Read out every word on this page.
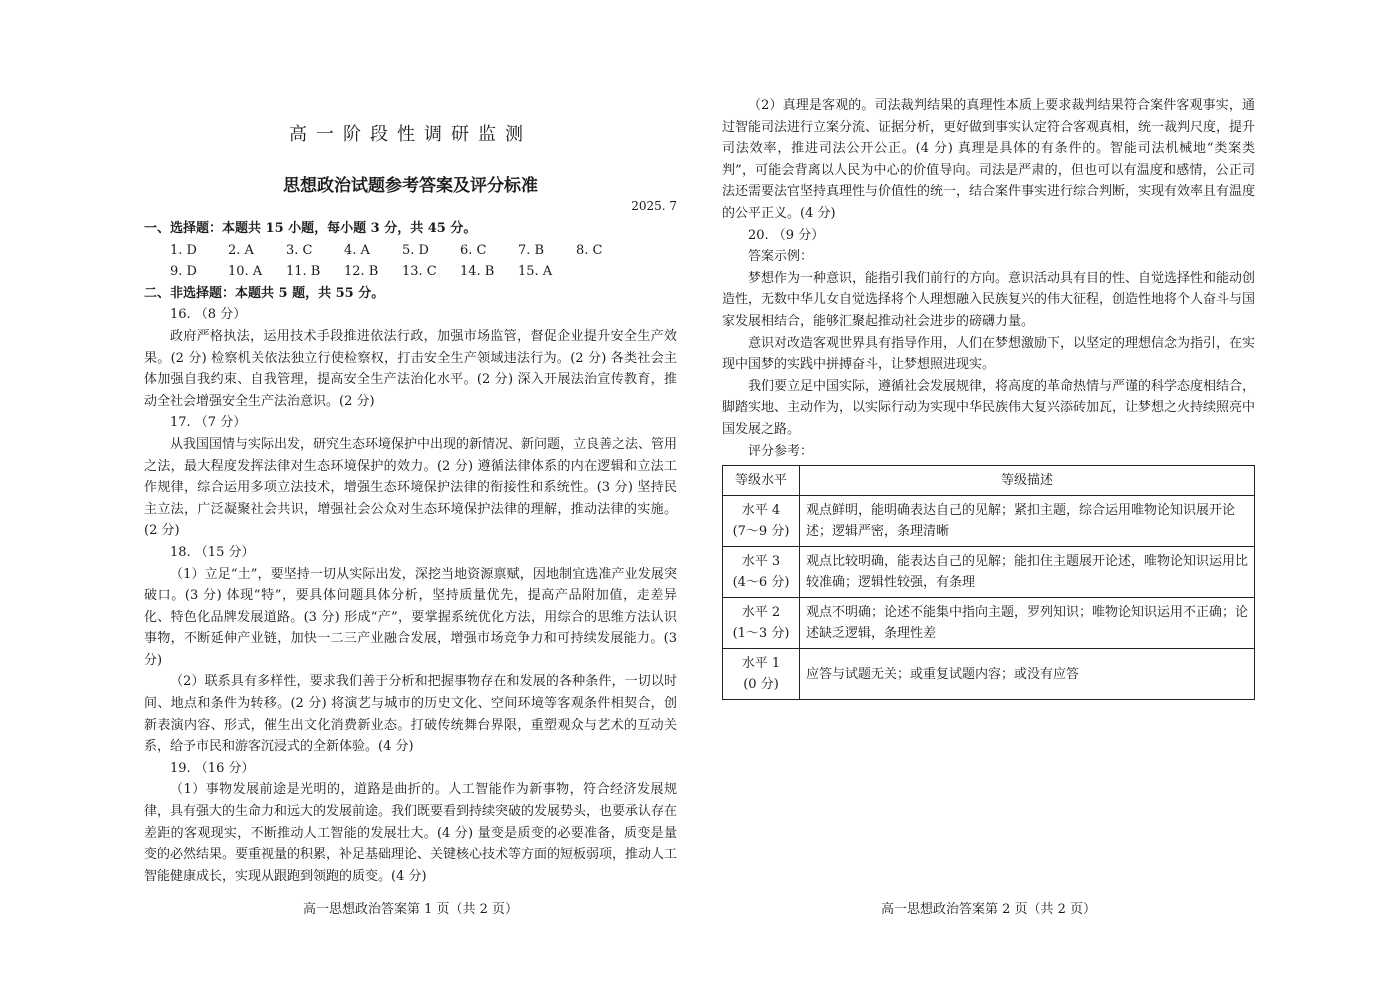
高一阶段性调研监测

思想政治试题参考答案及评分标准

2025. 7

一、选择题：本题共 15 小题，每小题 3 分，共 45 分。

1. D	2. A	3. C	4. A	5. D	6. C	7. B	8. C
9. D	10. A	11. B	12. B	13. C	14. B	15. A

二、非选择题：本题共 5 题，共 55 分。

16. （8 分）

政府严格执法，运用技术手段推进依法行政，加强市场监管，督促企业提升安全生产效果。(2 分) 检察机关依法独立行使检察权，打击安全生产领域违法行为。(2 分) 各类社会主体加强自我约束、自我管理，提高安全生产法治化水平。(2 分) 深入开展法治宣传教育，推动全社会增强安全生产法治意识。(2 分)

17. （7 分）

从我国国情与实际出发，研究生态环境保护中出现的新情况、新问题，立良善之法、管用之法，最大程度发挥法律对生态环境保护的效力。(2 分) 遵循法律体系的内在逻辑和立法工作规律，综合运用多项立法技术，增强生态环境保护法律的衔接性和系统性。(3 分) 坚持民主立法，广泛凝聚社会共识，增强社会公众对生态环境保护法律的理解，推动法律的实施。(2 分)

18. （15 分）

（1）立足“土”，要坚持一切从实际出发，深挖当地资源禀赋，因地制宜选准产业发展突破口。(3 分) 体现“特”，要具体问题具体分析，坚持质量优先，提高产品附加值，走差异化、特色化品牌发展道路。(3 分) 形成“产”，要掌握系统优化方法，用综合的思维方法认识事物，不断延伸产业链，加快一二三产业融合发展，增强市场竞争力和可持续发展能力。(3 分)

（2）联系具有多样性，要求我们善于分析和把握事物存在和发展的各种条件，一切以时间、地点和条件为转移。(2 分) 将演艺与城市的历史文化、空间环境等客观条件相契合，创新表演内容、形式，催生出文化消费新业态。打破传统舞台界限，重塑观众与艺术的互动关系，给予市民和游客沉浸式的全新体验。(4 分)

19. （16 分）

（1）事物发展前途是光明的，道路是曲折的。人工智能作为新事物，符合经济发展规律，具有强大的生命力和远大的发展前途。我们既要看到持续突破的发展势头，也要承认存在差距的客观现实，不断推动人工智能的发展壮大。(4 分) 量变是质变的必要准备，质变是量变的必然结果。要重视量的积累，补足基础理论、关键核心技术等方面的短板弱项，推动人工智能健康成长，实现从跟跑到领跑的质变。(4 分)

高一思想政治答案第 1 页（共 2 页）

（2）真理是客观的。司法裁判结果的真理性本质上要求裁判结果符合案件客观事实，通过智能司法进行立案分流、证据分析，更好做到事实认定符合客观真相，统一裁判尺度，提升司法效率，推进司法公开公正。(4 分) 真理是具体的有条件的。智能司法机械地“类案类判”，可能会背离以人民为中心的价值导向。司法是严肃的，但也可以有温度和感情，公正司法还需要法官坚持真理性与价值性的统一，结合案件事实进行综合判断，实现有效率且有温度的公平正义。(4 分)

20. （9 分）

答案示例：

梦想作为一种意识，能指引我们前行的方向。意识活动具有目的性、自觉选择性和能动创造性，无数中华儿女自觉选择将个人理想融入民族复兴的伟大征程，创造性地将个人奋斗与国家发展相结合，能够汇聚起推动社会进步的磅礴力量。

意识对改造客观世界具有指导作用，人们在梦想激励下，以坚定的理想信念为指引，在实现中国梦的实践中拼搏奋斗，让梦想照进现实。

我们要立足中国实际，遵循社会发展规律，将高度的革命热情与严谨的科学态度相结合，脚踏实地、主动作为，以实际行动为实现中华民族伟大复兴添砖加瓦，让梦想之火持续照亮中国发展之路。

评分参考：

等级水平	等级描述

水平 4
(7～9 分)	观点鲜明，能明确表达自己的见解；紧扣主题，综合运用唯物论知识展开论述；逻辑严密，条理清晰

水平 3
(4～6 分)	观点比较明确，能表达自己的见解；能扣住主题展开论述，唯物论知识运用比较准确；逻辑性较强，有条理

水平 2
(1～3 分)	观点不明确；论述不能集中指向主题，罗列知识；唯物论知识运用不正确；论述缺乏逻辑，条理性差

水平 1
(0 分)	应答与试题无关；或重复试题内容；或没有应答
高一思想政治答案第 2 页（共 2 页）
